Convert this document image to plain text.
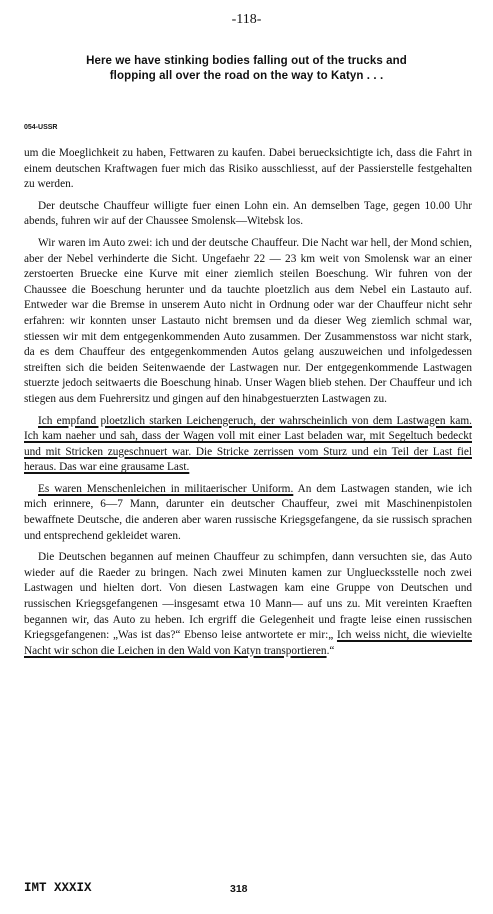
-118-
Here we have stinking bodies falling out of the trucks and
flopping all over the road on the way to Katyn . . .
054-USSR

um die Moeglichkeit zu haben, Fettwaren zu kaufen. Dabei beruecksichtigte ich, dass die Fahrt in einem deutschen Kraftwagen fuer mich das Risiko ausschliesst, auf der Passierstelle festgehalten zu werden.

Der deutsche Chauffeur willigte fuer einen Lohn ein. An demselben Tage, gegen 10.00 Uhr abends, fuhren wir auf der Chaussee Smolensk—Witebsk los.

Wir waren im Auto zwei: ich und der deutsche Chauffeur. Die Nacht war hell, der Mond schien, aber der Nebel verhinderte die Sicht. Ungefaehr 22 — 23 km weit von Smolensk war an einer zerstoerten Bruecke eine Kurve mit einer ziemlich steilen Boeschung. Wir fuhren von der Chaussee die Boeschung herunter und da tauchte ploetzlich aus dem Nebel ein Lastauto auf. Entweder war die Bremse in unserem Auto nicht in Ordnung oder war der Chauffeur nicht sehr erfahren: wir konnten unser Lastauto nicht bremsen und da dieser Weg ziemlich schmal war, stiessen wir mit dem entgegenkommenden Auto zusammen. Der Zusammenstoss war nicht stark, da es dem Chauffeur des entgegenkommenden Autos gelang auszuweichen und infolgedessen streiften sich die beiden Seitenwaende der Lastwagen nur. Der entgegenkommende Lastwagen stuerzte jedoch seitwaerts die Boeschung hinab. Unser Wagen blieb stehen. Der Chauffeur und ich stiegen aus dem Fuehrersitz und gingen auf den hinabgestuerzten Lastwagen zu.

Ich empfand ploetzlich starken Leichengeruch, der wahrscheinlich von dem Lastwagen kam. Ich kam naeher und sah, dass der Wagen voll mit einer Last beladen war, mit Segeltuch bedeckt und mit Stricken zugeschnuert war. Die Stricke zerrissen vom Sturz und ein Teil der Last fiel heraus. Das war eine grausame Last.

Es waren Menschenleichen in militaerischer Uniform. An dem Lastwagen standen, wie ich mich erinnere, 6—7 Mann, darunter ein deutscher Chauffeur, zwei mit Maschinenpistolen bewaffnete Deutsche, die anderen aber waren russische Kriegsgefangene, da sie russisch sprachen und entsprechend gekleidet waren.

Die Deutschen begannen auf meinen Chauffeur zu schimpfen, dann versuchten sie, das Auto wieder auf die Raeder zu bringen. Nach zwei Minuten kamen zur Ungluecksstelle noch zwei Lastwagen und hielten dort. Von diesen Lastwagen kam eine Gruppe von Deutschen und russischen Kriegsgefangenen —insgesamt etwa 10 Mann— auf uns zu. Mit vereinten Kraeften begannen wir, das Auto zu heben. Ich ergriff die Gelegenheit und fragte leise einen russischen Kriegsgefangenen: „Was ist das?“ Ebenso leise antwortete er mir:„ Ich weiss nicht, die wievielte Nacht wir schon die Leichen in den Wald von Katyn transportieren.“

IMT XXXIX	318
